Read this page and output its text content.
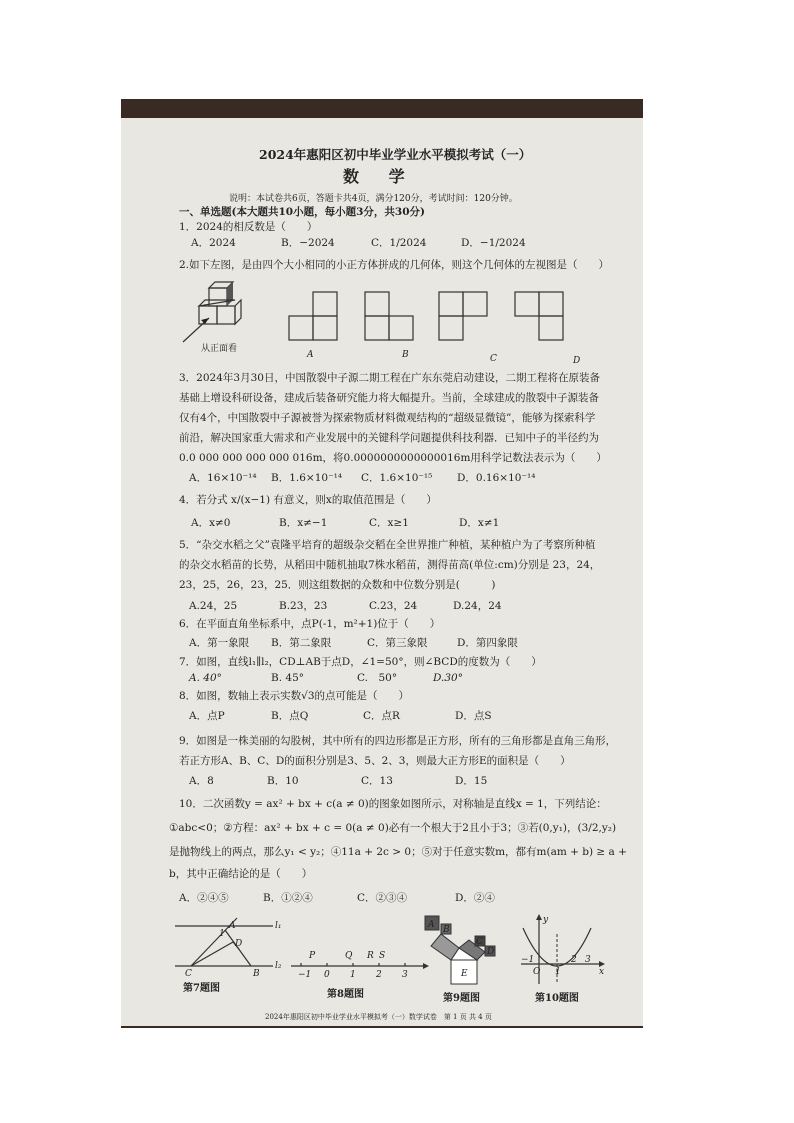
2024年惠阳区初中毕业学业水平模拟考试（一）
数 学
说明：本试卷共6页，答题卡共4页，满分120分，考试时间：120分钟。
一、单选题(本大题共10小题，每小题3分，共30分)
1．2024的相反数是（　　）
A．2024	B．−2024	C．1/2024	D．−1/2024
2.如下左图，是由四个大小相同的小正方体拼成的几何体，则这个几何体的左视图是（　　）
从正面看
A	B	C	D
3．2024年3月30日，中国散裂中子源二期工程在广东东莞启动建设，二期工程将在原装备
基础上增设科研设备，建成后装备研究能力将大幅提升。当前，全球建成的散裂中子源装备
仅有4个，中国散裂中子源被誉为探索物质材料微观结构的“超级显微镜”，能够为探索科学
前沿，解决国家重大需求和产业发展中的关键科学问题提供科技利器．已知中子的半径约为
0.0 000 000 000 000 016m，将0.0000000000000016m用科学记数法表示为（　　）
A．16×10⁻¹⁴ B．1.6×10⁻¹⁴ C．1.6×10⁻¹⁵ D．0.16×10⁻¹⁴
4．若分式 x/(x−1) 有意义，则x的取值范围是（　　）
A．x≠0	B．x≠−1	C．x≥1	D．x≠1
5．“杂交水稻之父”袁隆平培育的超级杂交稻在全世界推广种植，某种植户为了考察所种植
的杂交水稻苗的长势，从稻田中随机抽取7株水稻苗，测得苗高(单位:cm)分别是 23，24，
23，25，26，23，25．则这组数据的众数和中位数分别是(　　　)
A.24，25	B.23，23	C.23，24	D.24，24
6．在平面直角坐标系中，点P(-1，m²+1)位于（　　）
A．第一象限 B．第二象限	C．第三象限	D．第四象限
7．如图，直线l₁∥l₂，CD⊥AB于点D，∠1=50°，则∠BCD的度数为（　　）
A. 40°	B. 45°	C.　50°	D.30°
8．如图，数轴上表示实数√3的点可能是（　　）
A．点P	B．点Q	C．点R	D．点S
9．如图是一株美丽的勾股树，其中所有的四边形都是正方形，所有的三角形都是直角三角形，
若正方形A、B、C、D的面积分别是3、5、2、3，则最大正方形E的面积是（　　）
A．8	B．10	C．13	D．15
10．二次函数y = ax² + bx + c(a ≠ 0)的图象如图所示，对称轴是直线x = 1，下列结论：
①abc<0；②方程：ax² + bx + c = 0(a ≠ 0)必有一个根大于2且小于3；③若(0,y₁)，(3/2,y₂)
是抛物线上的两点，那么y₁ < y₂；④11a + 2c > 0；⑤对于任意实数m，都有m(am + b) ≥ a +
b，其中正确结论的是（　　）
A．②④⑤	B．①②④	C．②③④	D．②④
l₁
l₂
1
A
B
C
D
第7题图
−1 0 1 2 3
P	Q R S
第8题图
A B
C
D
E
第9题图
y
x
−1
O 1
2 3
第10题图
2024年惠阳区初中毕业学业水平模拟考（一）数学试卷　第 1 页 共 4 页
